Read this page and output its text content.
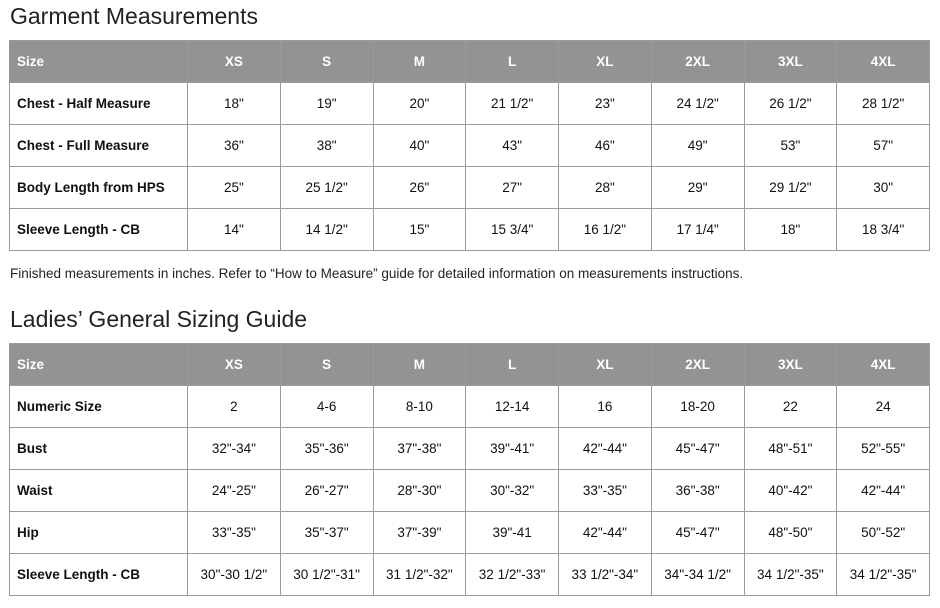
Garment Measurements
Size	XS	S	M	L	XL	2XL	3XL	4XL
Chest - Half Measure	18"	19"	20"	21 1/2"	23"	24 1/2"	26 1/2"	28 1/2"
Chest - Full Measure	36"	38"	40"	43"	46"	49"	53"	57"
Body Length from HPS	25"	25 1/2"	26"	27"	28"	29"	29 1/2"	30"
Sleeve Length - CB	14"	14 1/2"	15"	15 3/4"	16 1/2"	17 1/4"	18"	18 3/4"

Finished measurements in inches. Refer to “How to Measure” guide for detailed information on measurements instructions.

Ladies’ General Sizing Guide
Size	XS	S	M	L	XL	2XL	3XL	4XL
Numeric Size	2	4-6	8-10	12-14	16	18-20	22	24
Bust	32"-34"	35"-36"	37"-38"	39"-41"	42"-44"	45"-47"	48"-51"	52"-55"
Waist	24"-25"	26"-27"	28"-30"	30"-32"	33"-35"	36"-38"	40"-42"	42"-44"
Hip	33"-35"	35"-37"	37"-39"	39"-41	42"-44"	45"-47"	48"-50"	50"-52"
Sleeve Length - CB	30"-30 1/2"	30 1/2"-31"	31 1/2"-32"	32 1/2"-33"	33 1/2"-34"	34"-34 1/2"	34 1/2"-35"	34 1/2"-35"
